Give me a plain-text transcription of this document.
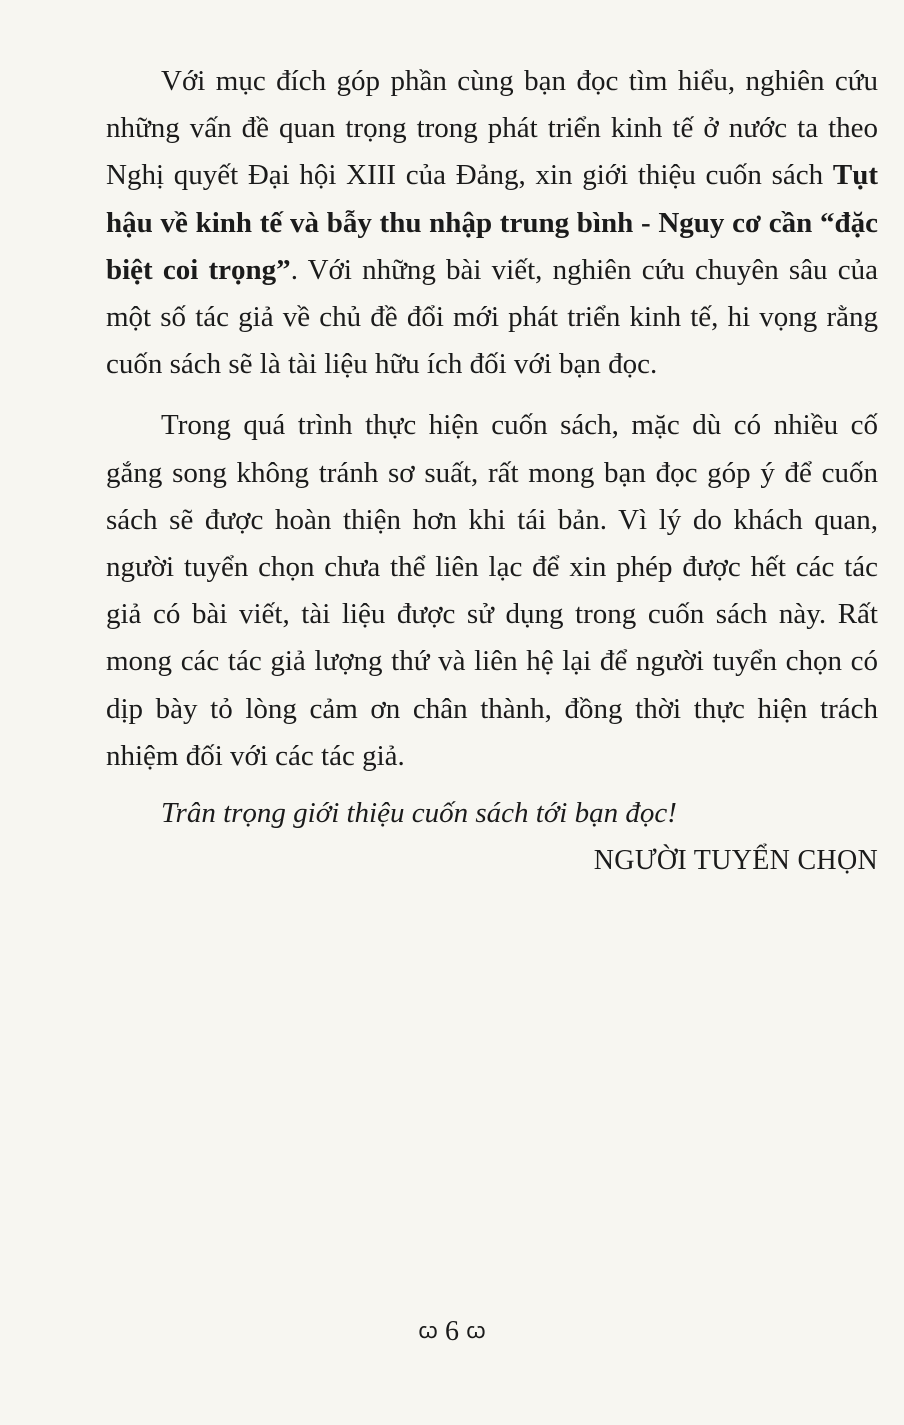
Với mục đích góp phần cùng bạn đọc tìm hiểu, nghiên cứu những vấn đề quan trọng trong phát triển kinh tế ở nước ta theo Nghị quyết Đại hội XIII của Đảng, xin giới thiệu cuốn sách Tụt hậu về kinh tế và bẫy thu nhập trung bình - Nguy cơ cần “đặc biệt coi trọng”. Với những bài viết, nghiên cứu chuyên sâu của một số tác giả về chủ đề đổi mới phát triển kinh tế, hi vọng rằng cuốn sách sẽ là tài liệu hữu ích đối với bạn đọc.

Trong quá trình thực hiện cuốn sách, mặc dù có nhiều cố gắng song không tránh sơ suất, rất mong bạn đọc góp ý để cuốn sách sẽ được hoàn thiện hơn khi tái bản. Vì lý do khách quan, người tuyển chọn chưa thể liên lạc để xin phép được hết các tác giả có bài viết, tài liệu được sử dụng trong cuốn sách này. Rất mong các tác giả lượng thứ và liên hệ lại để người tuyển chọn có dịp bày tỏ lòng cảm ơn chân thành, đồng thời thực hiện trách nhiệm đối với các tác giả.

Trân trọng giới thiệu cuốn sách tới bạn đọc!

NGƯỜI TUYỂN CHỌN

ꞷ 6 ꞷ
